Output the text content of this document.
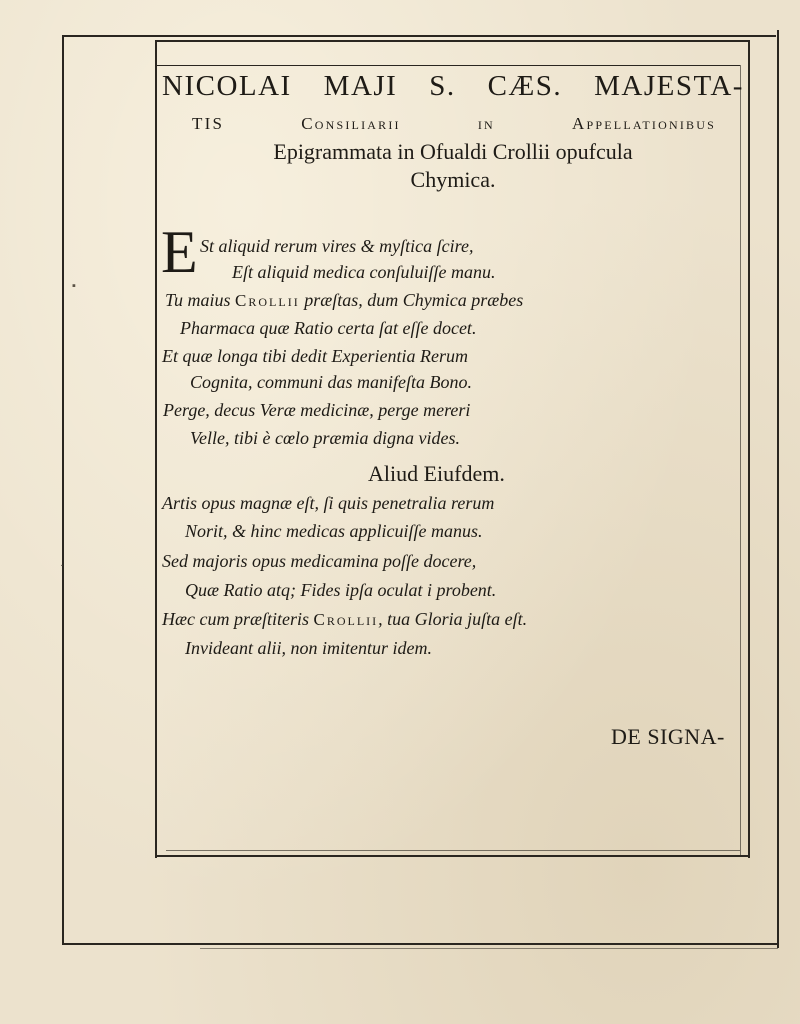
▪
·
NICOLAI MAJI S. CÆS. MAJESTA-
TIS	Consiliarii	in	Appellationibus
Epigrammata in Ofualdi Crollii opufcula
Chymica.
E St aliquid rerum vires & myſtica ſcire,
Eſt aliquid medica conſuluiſſe manu.
Tu maius Crollii præſtas, dum Chymica præbes
Pharmaca quæ Ratio certa ſat eſſe docet.
Et quæ longa tibi dedit Experientia Rerum
Cognita, communi das manifeſta Bono.
Perge, decus Veræ medicinæ, perge mereri
Velle, tibi è cœlo præmia digna vides.
Aliud Eiufdem.
Artis opus magnæ eſt, ſi quis penetralia rerum
Norit, & hinc medicas applicuiſſe manus.
Sed majoris opus medicamina poſſe docere,
Quæ Ratio atq; Fides ipſa oculat i probent.
Hæc cum præſtiteris Crollii, tua Gloria juſta eſt.
Invideant alii, non imitentur idem.
DE SIGNA-
